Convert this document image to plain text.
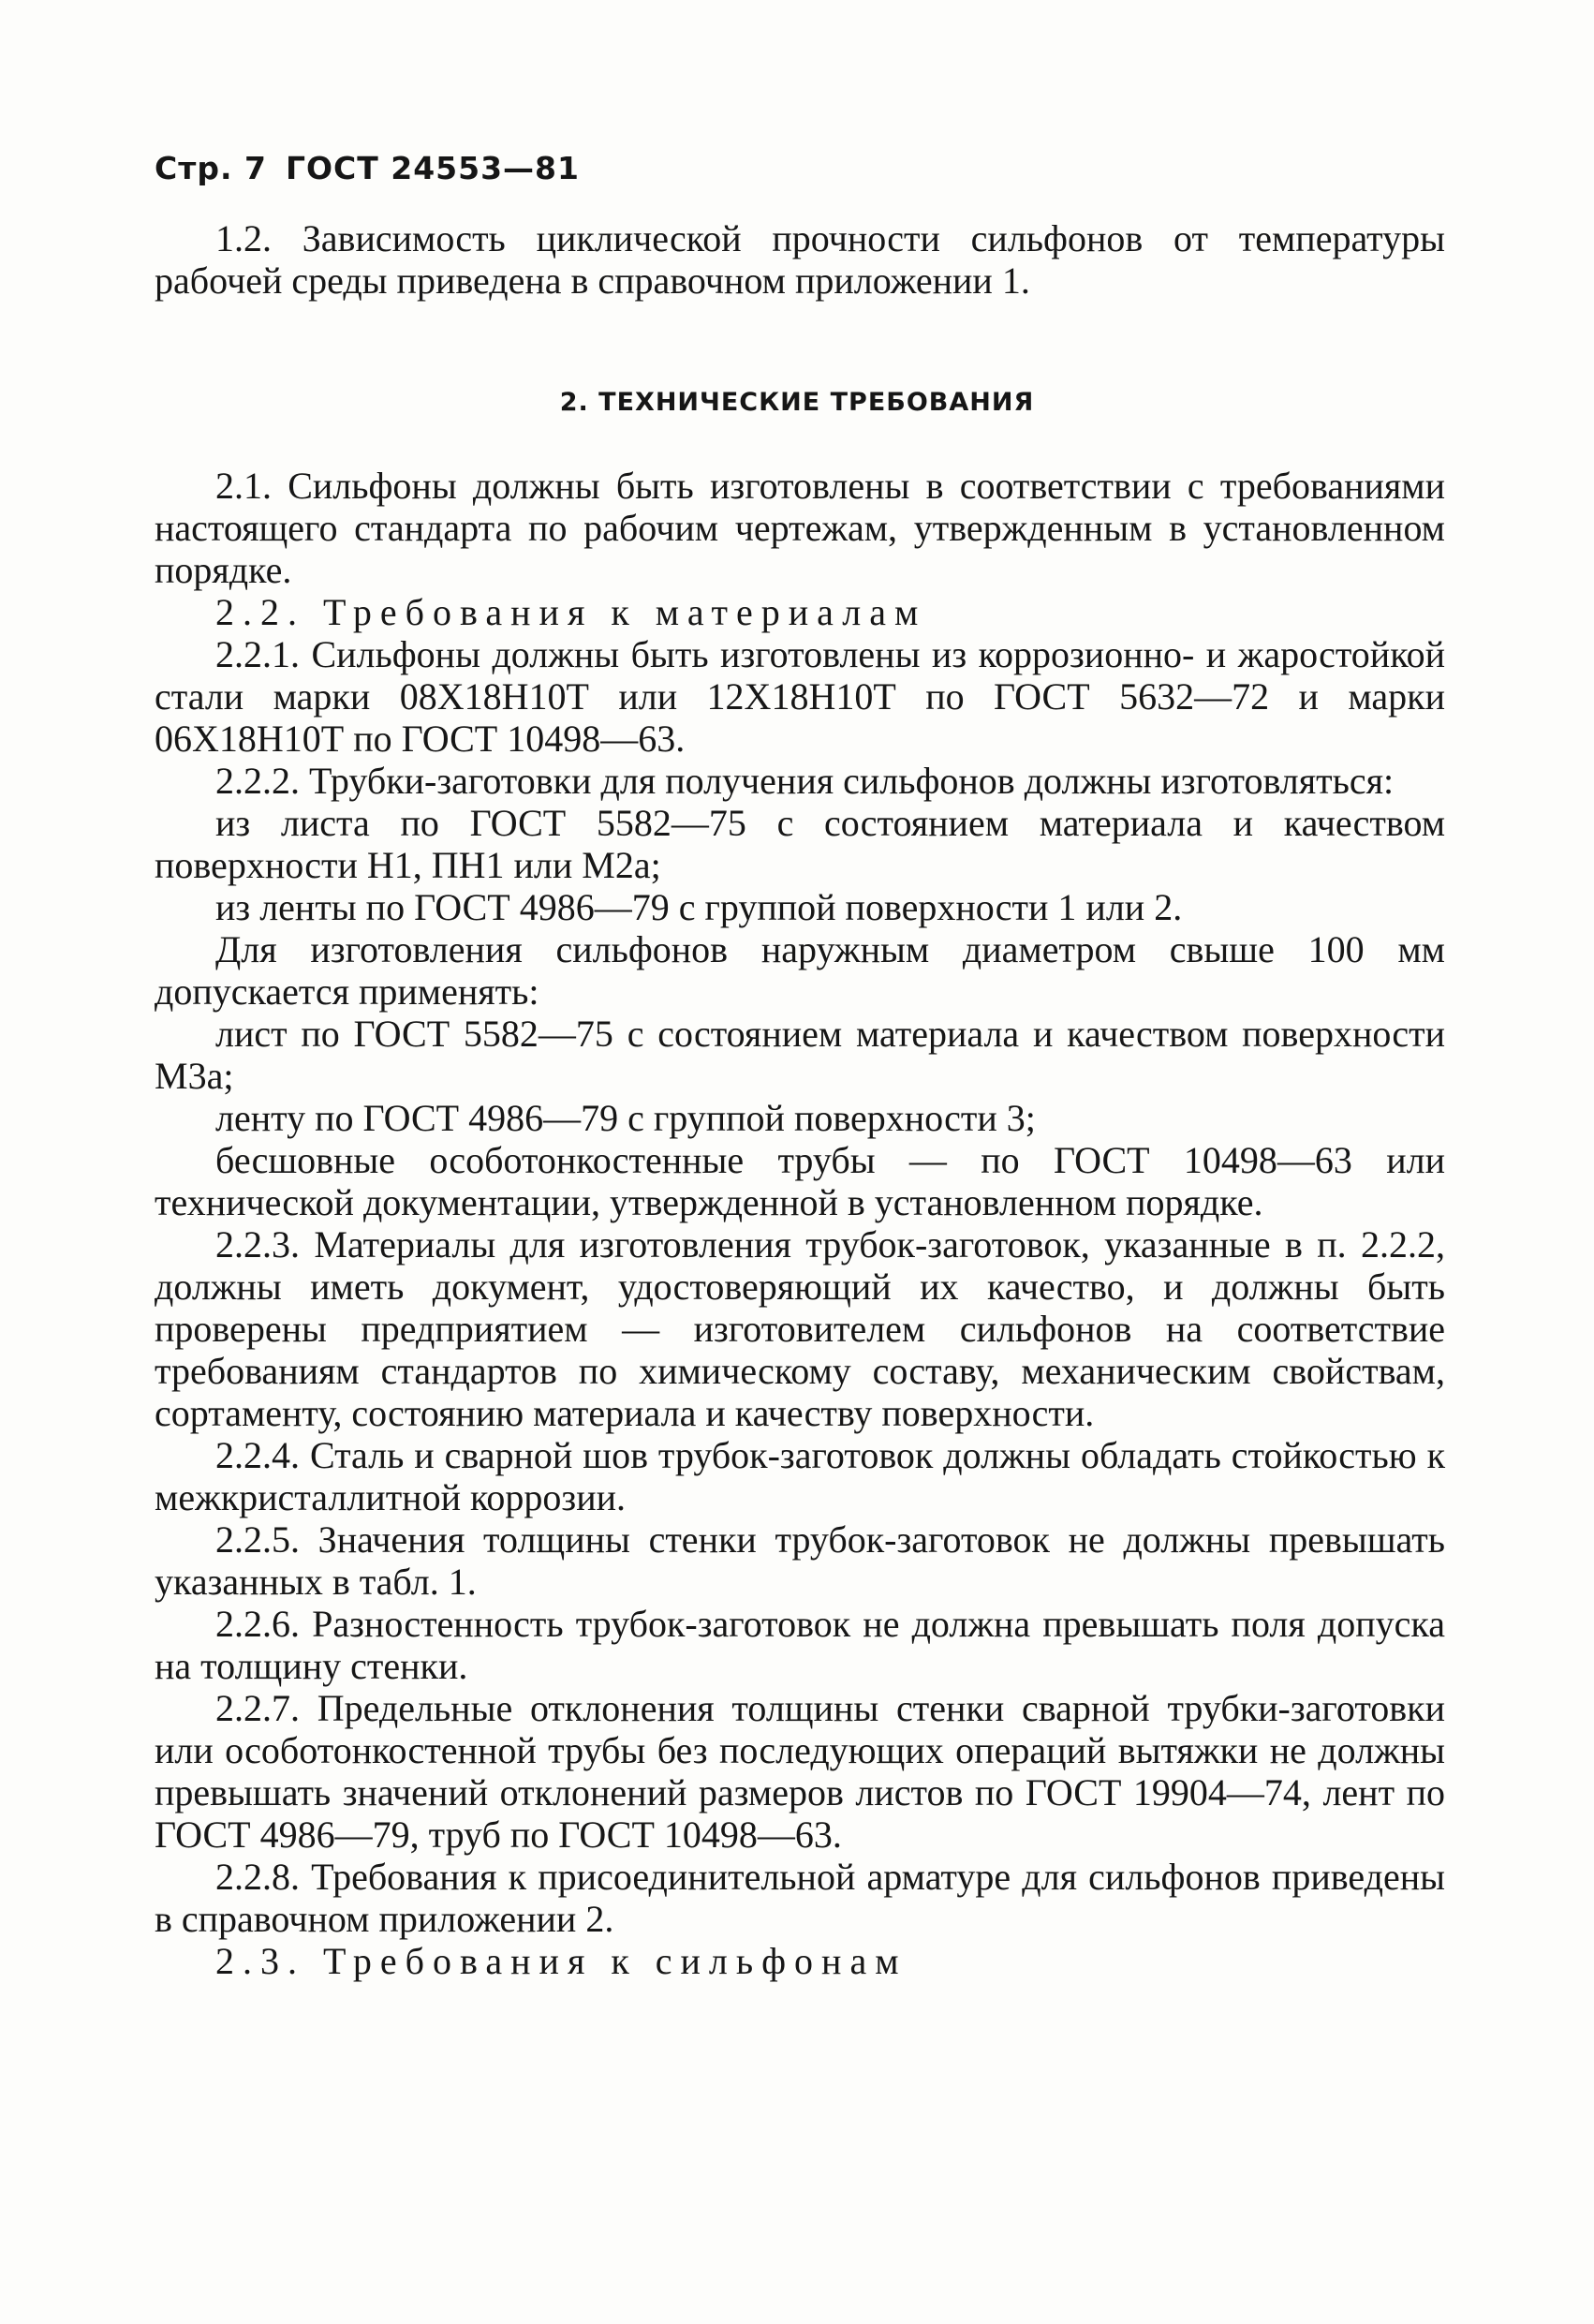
Стр. 7 ГОСТ 24553—81

1.2. Зависимость циклической прочности сильфонов от температуры рабочей среды приведена в справочном приложении 1.

2. ТЕХНИЧЕСКИЕ ТРЕБОВАНИЯ

2.1. Сильфоны должны быть изготовлены в соответствии с требованиями настоящего стандарта по рабочим чертежам, утвержденным в установленном порядке.

2.2. Требования к материалам

2.2.1. Сильфоны должны быть изготовлены из коррозионно- и жаростойкой стали марки 08Х18Н10Т или 12Х18Н10Т по ГОСТ 5632—72 и марки 06Х18Н10Т по ГОСТ 10498—63.

2.2.2. Трубки-заготовки для получения сильфонов должны изготовляться:

из листа по ГОСТ 5582—75 с состоянием материала и качеством поверхности Н1, ПН1 или М2а;

из ленты по ГОСТ 4986—79 с группой поверхности 1 или 2.

Для изготовления сильфонов наружным диаметром свыше 100 мм допускается применять:

лист по ГОСТ 5582—75 с состоянием материала и качеством поверхности М3а;

ленту по ГОСТ 4986—79 с группой поверхности 3;

бесшовные особотонкостенные трубы — по ГОСТ 10498—63 или технической документации, утвержденной в установленном порядке.

2.2.3. Материалы для изготовления трубок-заготовок, указанные в п. 2.2.2, должны иметь документ, удостоверяющий их качество, и должны быть проверены предприятием — изготовителем сильфонов на соответствие требованиям стандартов по химическому составу, механическим свойствам, сортаменту, состоянию материала и качеству поверхности.

2.2.4. Сталь и сварной шов трубок-заготовок должны обладать стойкостью к межкристаллитной коррозии.

2.2.5. Значения толщины стенки трубок-заготовок не должны превышать указанных в табл. 1.

2.2.6. Разностенность трубок-заготовок не должна превышать поля допуска на толщину стенки.

2.2.7. Предельные отклонения толщины стенки сварной трубки-заготовки или особотонкостенной трубы без последующих операций вытяжки не должны превышать значений отклонений размеров листов по ГОСТ 19904—74, лент по ГОСТ 4986—79, труб по ГОСТ 10498—63.

2.2.8. Требования к присоединительной арматуре для сильфонов приведены в справочном приложении 2.

2.3. Требования к сильфонам
